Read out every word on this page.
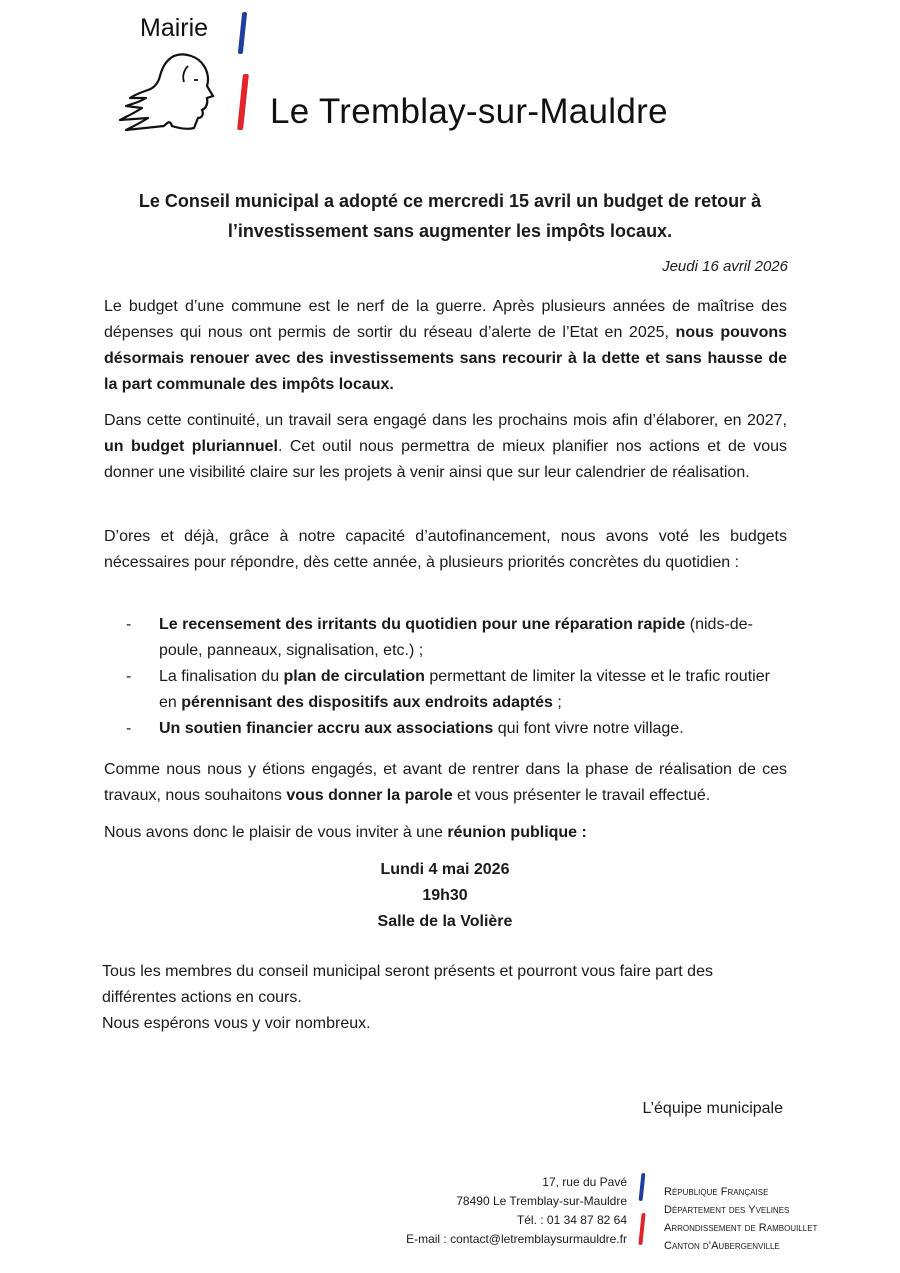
Mairie
Le Tremblay-sur-Mauldre
Le Conseil municipal a adopté ce mercredi 15 avril un budget de retour à l’investissement sans augmenter les impôts locaux.
Jeudi 16 avril 2026

Le budget d’une commune est le nerf de la guerre. Après plusieurs années de maîtrise des dépenses qui nous ont permis de sortir du réseau d’alerte de l’Etat en 2025, nous pouvons désormais renouer avec des investissements sans recourir à la dette et sans hausse de la part communale des impôts locaux.

Dans cette continuité, un travail sera engagé dans les prochains mois afin d’élaborer, en 2027, un budget pluriannuel. Cet outil nous permettra de mieux planifier nos actions et de vous donner une visibilité claire sur les projets à venir ainsi que sur leur calendrier de réalisation.

D’ores et déjà, grâce à notre capacité d’autofinancement, nous avons voté les budgets nécessaires pour répondre, dès cette année, à plusieurs priorités concrètes du quotidien :

- Le recensement des irritants du quotidien pour une réparation rapide (nids-de-poule, panneaux, signalisation, etc.) ;
- La finalisation du plan de circulation permettant de limiter la vitesse et le trafic routier en pérennisant des dispositifs aux endroits adaptés ;
- Un soutien financier accru aux associations qui font vivre notre village.

Comme nous nous y étions engagés, et avant de rentrer dans la phase de réalisation de ces travaux, nous souhaitons vous donner la parole et vous présenter le travail effectué.

Nous avons donc le plaisir de vous inviter à une réunion publique :

Lundi 4 mai 2026
19h30
Salle de la Volière

Tous les membres du conseil municipal seront présents et pourront vous faire part des différentes actions en cours.

Nous espérons vous y voir nombreux.

L’équipe municipale
17, rue du Pavé
78490 Le Tremblay-sur-Mauldre
Tél. : 01 34 87 82 64
E-mail : contact@letremblaysurmauldre.fr
République Française
Département des Yvelines
Arrondissement de Rambouillet
Canton d’Aubergenville
